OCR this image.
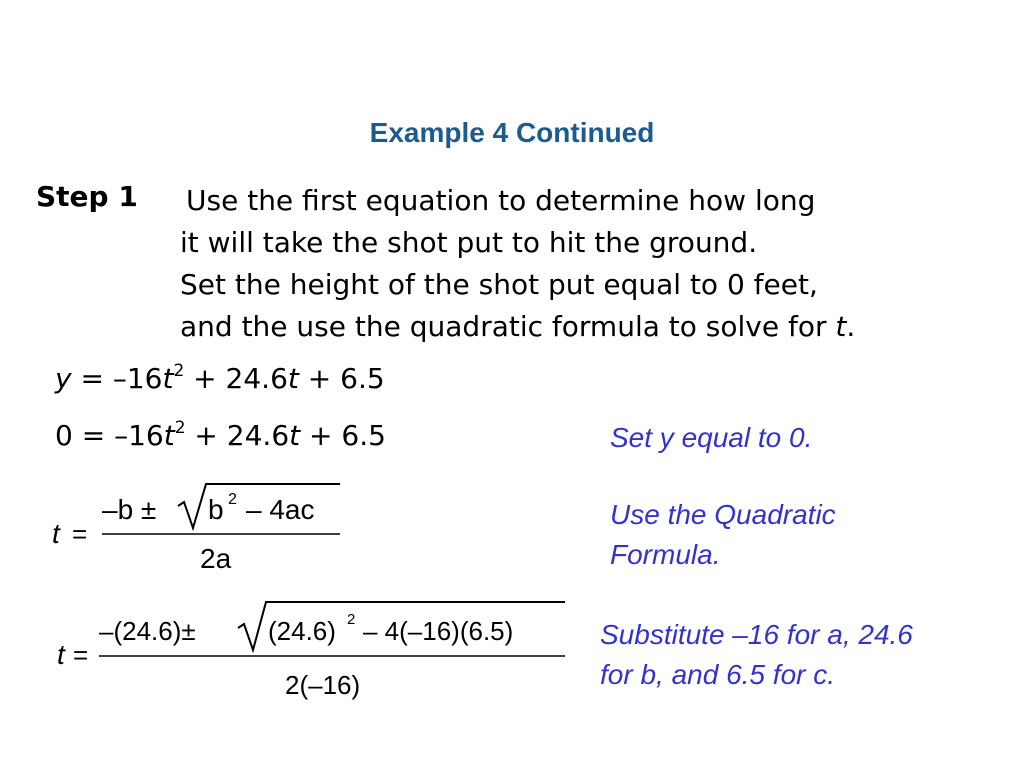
Example 4 Continued
Step 1 Use the first equation to determine how long
it will take the shot put to hit the ground.
Set the height of the shot put equal to 0 feet,
and the use the quadratic formula to solve for t.
$y = -16t^2 + 24.6t + 6.5$
$0 = -16t^2 + 24.6t + 6.5$	Set y equal to 0.
t =
–b ± b 2 – 4ac
2a
Use the Quadratic
Formula.
t =
–(24.6)±	(24.6) 2 – 4(–16)(6.5)
2(–16)
Substitute –16 for a, 24.6
for b, and 6.5 for c.
